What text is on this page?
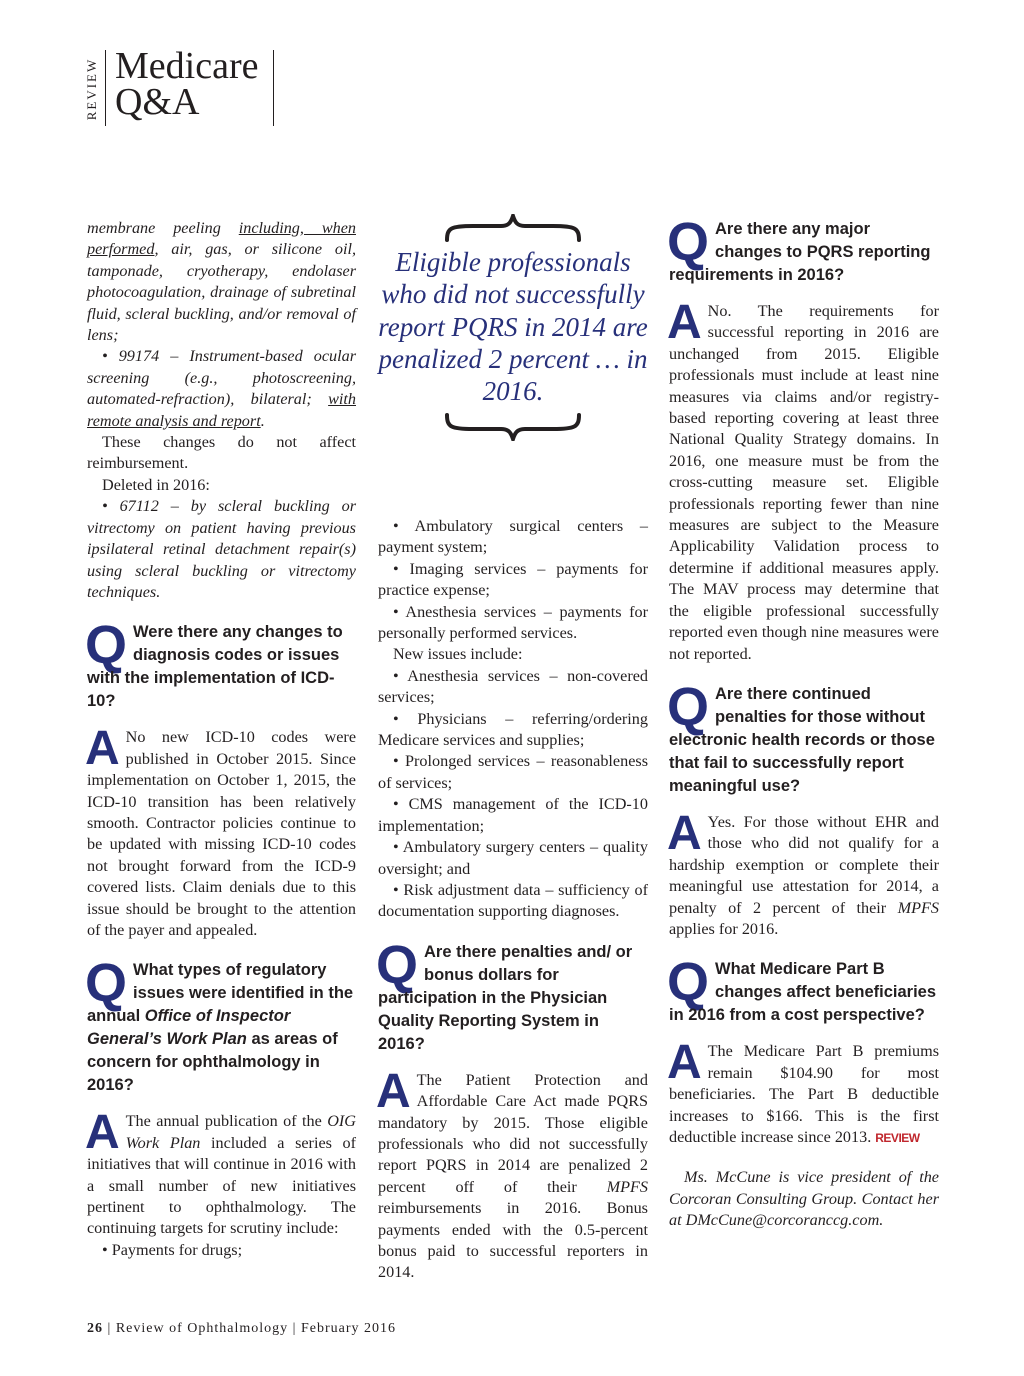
REVIEW Medicare
Q&A

membrane peeling including, when performed, air, gas, or silicone oil, tamponade, cryotherapy, endolaser photocoagulation, drainage of subretinal fluid, scleral buckling, and/or removal of lens;

• 99174 – Instrument-based ocular screening (e.g., photoscreening, automated-refraction), bilateral; with remote analysis and report.

These changes do not affect reimbursement.

Deleted in 2016:

• 67112 – by scleral buckling or vitrectomy on patient having previous ipsilateral retinal detachment repair(s) using scleral buckling or vitrectomy techniques.

Q Were there any changes to diagnosis codes or issues with the implementation of ICD-10?

A No new ICD-10 codes were published in October 2015. Since implementation on October 1, 2015, the ICD-10 transition has been relatively smooth. Contractor policies continue to be updated with missing ICD-10 codes not brought forward from the ICD-9 covered lists. Claim denials due to this issue should be brought to the attention of the payer and appealed.

Q What types of regulatory issues were identified in the annual Office of Inspector General’s Work Plan as areas of concern for ophthalmology in 2016?

A The annual publication of the OIG Work Plan included a series of initiatives that will continue in 2016 with a small number of new initiatives pertinent to ophthalmology. The continuing targets for scrutiny include:

• Payments for drugs;

Eligible professionals who did not successfully report PQRS in 2014 are penalized 2 percent … in 2016.

• Ambulatory surgical centers – payment system;

• Imaging services – payments for practice expense;

• Anesthesia services – payments for personally performed services.

New issues include:

• Anesthesia services – non-covered services;

• Physicians – referring/ordering Medicare services and supplies;

• Prolonged services – reasonableness of services;

• CMS management of the ICD-10 implementation;

• Ambulatory surgery centers – quality oversight; and

• Risk adjustment data – sufficiency of documentation supporting diagnoses.

Q Are there penalties and/ or bonus dollars for participation in the Physician Quality Reporting System in 2016?

A The Patient Protection and Affordable Care Act made PQRS mandatory by 2015. Those eligible professionals who did not successfully report PQRS in 2014 are penalized 2 percent off of their MPFS reimbursements in 2016. Bonus payments ended with the 0.5-percent bonus paid to successful reporters in 2014.

Q Are there any major changes to PQRS reporting requirements in 2016?

A No. The requirements for successful reporting in 2016 are unchanged from 2015. Eligible professionals must include at least nine measures via claims and/or registry-based reporting covering at least three National Quality Strategy domains. In 2016, one measure must be from the cross-cutting measure set. Eligible professionals reporting fewer than nine measures are subject to the Measure Applicability Validation process to determine if additional measures apply. The MAV process may determine that the eligible professional successfully reported even though nine measures were not reported.

Q Are there continued penalties for those without electronic health records or those that fail to successfully report meaningful use?

A Yes. For those without EHR and those who did not qualify for a hardship exemption or complete their meaningful use attestation for 2014, a penalty of 2 percent of their MPFS applies for 2016.

Q What Medicare Part B changes affect beneficiaries in 2016 from a cost perspective?

A The Medicare Part B premiums remain $104.90 for most beneficiaries. The Part B deductible increases to $166. This is the first deductible increase since 2013. REVIEW

Ms. McCune is vice president of the Corcoran Consulting Group. Contact her at DMcCune@corcoranccg.com.

26 | Review of Ophthalmology | February 2016
